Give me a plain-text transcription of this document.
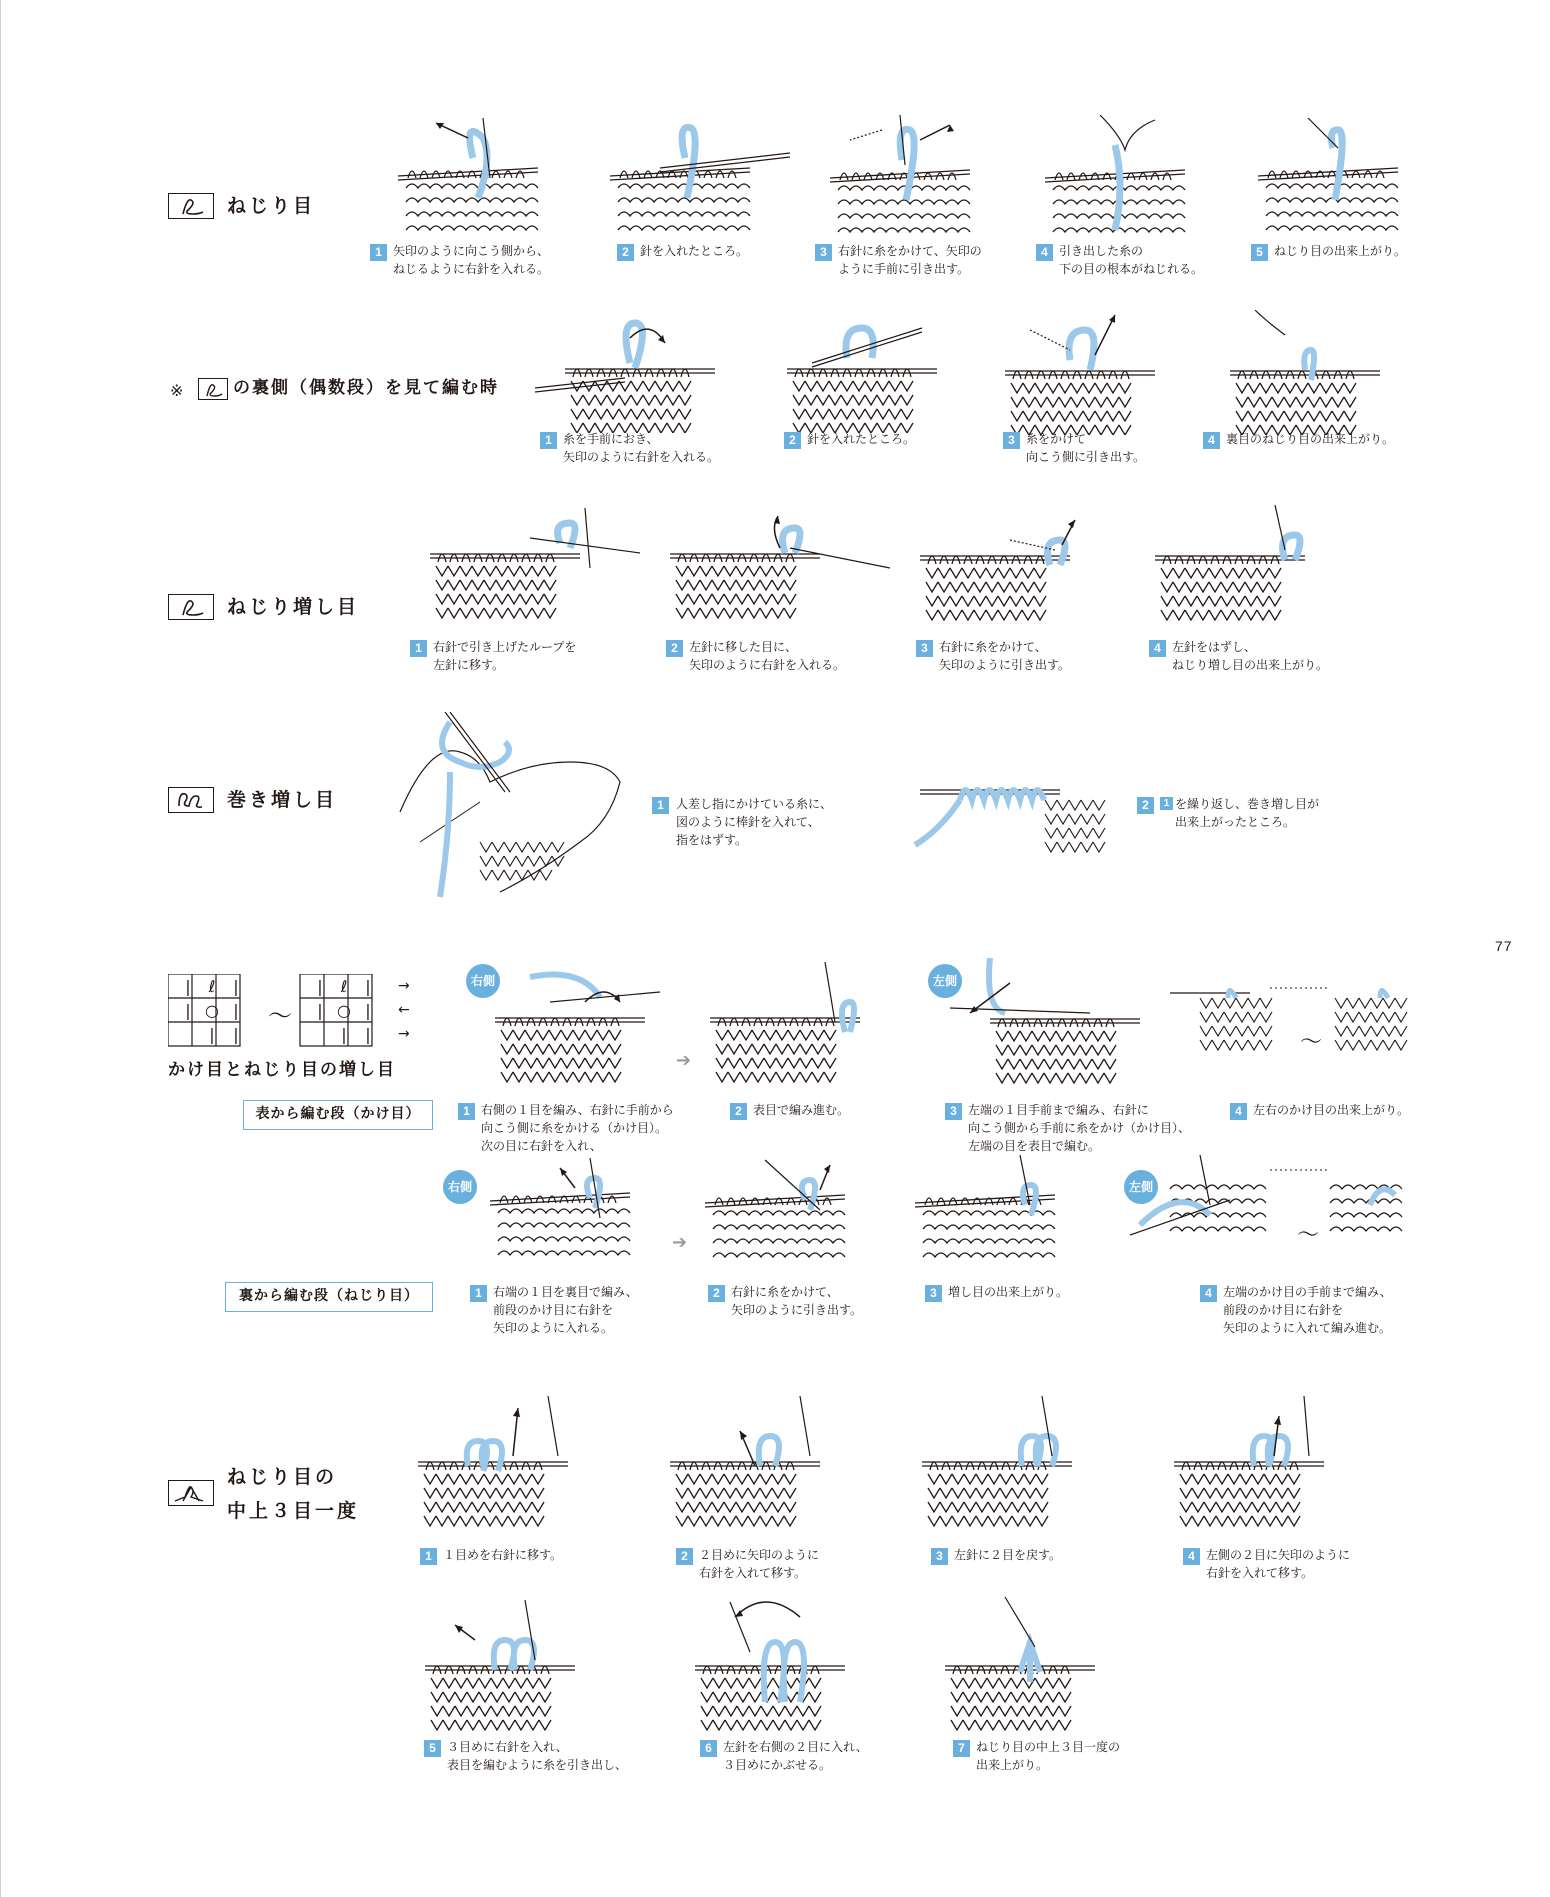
ねじり目
1 矢印のように向こう側から、
ねじるように右針を入れる。
2 針を入れたところ。	3 右針に糸をかけて、矢印の
ように手前に引き出す。
4 引き出した糸の
下の目の根本がねじれる。
5 ねじり目の出来上がり。
※	の裏側（偶数段）を見て編む時
1 糸を手前におき、
矢印のように右針を入れる。
2 針を入れたところ。	3 糸をかけて
向こう側に引き出す。
4 裏目のねじり目の出来上がり。
ねじり増し目
1 右針で引き上げたループを
左針に移す。
2 左針に移した目に、
矢印のように右針を入れる。
3 右針に糸をかけて、
矢印のように引き出す。
4 左針をはずし、
ねじり増し目の出来上がり。
巻き増し目	1	人差し指にかけている糸に、
図のように棒針を入れて、
指をはずす。
2	1 を繰り返し、巻き増し目が
出来上がったところ。
|	ℓ	|
| ○ |
|	|
〜
|	ℓ	|
| ○ |
|	|
→
←
→
かけ目とねじり目の増し目
表から編む段（かけ目）
裏から編む段（ねじり目）
右側
➔
左側
〜
1 右側の１目を編み、右針に手前から
向こう側に糸をかける（かけ目）。
次の目に右針を入れ、
2 表目で編み進む。	3 左端の１目手前まで編み、右針に
向こう側から手前に糸をかけ（かけ目）、
左端の目を表目で編む。
4 左右のかけ目の出来上がり。
右側
➔
左側
〜
1 右端の１目を裏目で編み、
前段のかけ目に右針を
矢印のように入れる。
2 右針に糸をかけて、
矢印のように引き出す。
3 増し目の出来上がり。	4 左端のかけ目の手前まで編み、
前段のかけ目に右針を
矢印のように入れて編み進む。
77
ねじり目の
中上３目一度
1 １目めを右針に移す。	2 ２目めに矢印のように
右針を入れて移す。
3 左針に２目を戻す。	4 左側の２目に矢印のように
右針を入れて移す。
5 ３目めに右針を入れ、
表目を編むように糸を引き出し、
6 左針を右側の２目に入れ、
３目めにかぶせる。
7 ねじり目の中上３目一度の
出来上がり。
